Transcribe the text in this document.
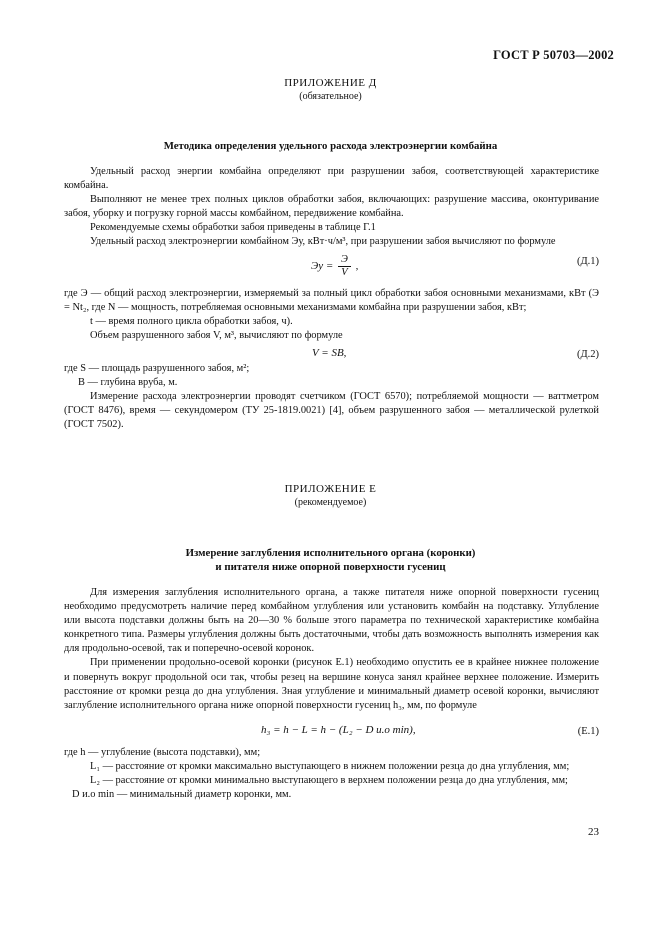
ГОСТ Р 50703—2002
ПРИЛОЖЕНИЕ Д
(обязательное)
Методика определения удельного расхода электроэнергии комбайна

Удельный расход энергии комбайна определяют при разрушении забоя, соответствующей характеристике комбайна.

Выполняют не менее трех полных циклов обработки забоя, включающих: разрушение массива, оконтуривание забоя, уборку и погрузку горной массы комбайном, передвижение комбайна.

Рекомендуемые схемы обработки забоя приведены в таблице Г.1

Удельный расход электроэнергии комбайном Эу, кВт·ч/м³, при разрушении забоя вычисляют по формуле

Эу = $\frac{Э}{V}$ ,	(Д.1)

где Э — общий расход электроэнергии, измеряемый за полный цикл обработки забоя основными механизмами, кВт (Э = Nt₂, где N — мощность, потребляемая основными механизмами комбайна при разрушении забоя, кВт;

t — время полного цикла обработки забоя, ч).

Объем разрушенного забоя V, м³, вычисляют по формуле

V = SB,	(Д.2)

где S — площадь разрушенного забоя, м²;

B — глубина вруба, м.

Измерение расхода электроэнергии проводят счетчиком (ГОСТ 6570); потребляемой мощности — ваттметром (ГОСТ 8476), время — секундомером (ТУ 25-1819.0021) [4], объем разрушенного забоя — металлической рулеткой (ГОСТ 7502).

ПРИЛОЖЕНИЕ Е
(рекомендуемое)
Измерение заглубления исполнительного органа (коронки)
и питателя ниже опорной поверхности гусениц

Для измерения заглубления исполнительного органа, а также питателя ниже опорной поверхности гусениц необходимо предусмотреть наличие перед комбайном углубления или установить комбайн на подставку. Углубление или высота подставки должны быть на 20—30 % больше этого параметра по технической характеристике комбайна конкретного типа. Размеры углубления должны быть достаточными, чтобы дать возможность выполнять измерения как для продольно-осевой, так и поперечно-осевой коронок.

При применении продольно-осевой коронки (рисунок Е.1) необходимо опустить ее в крайнее нижнее положение и повернуть вокруг продольной оси так, чтобы резец на вершине конуса занял крайнее верхнее положение. Измерить расстояние от кромки резца до дна углубления. Зная углубление и минимальный диаметр осевой коронки, вычисляют заглубление исполнительного органа ниже опорной поверхности гусениц h₃, мм, по формуле

h₃ = h − L = h − (L₂ − D и.о min),	(Е.1)

где h — углубление (высота подставки), мм;

L₁ — расстояние от кромки максимально выступающего в нижнем положении резца до дна углубления, мм;

L₂ — расстояние от кромки минимально выступающего в верхнем положении резца до дна углубления, мм;

D и.о min — минимальный диаметр коронки, мм.

23
